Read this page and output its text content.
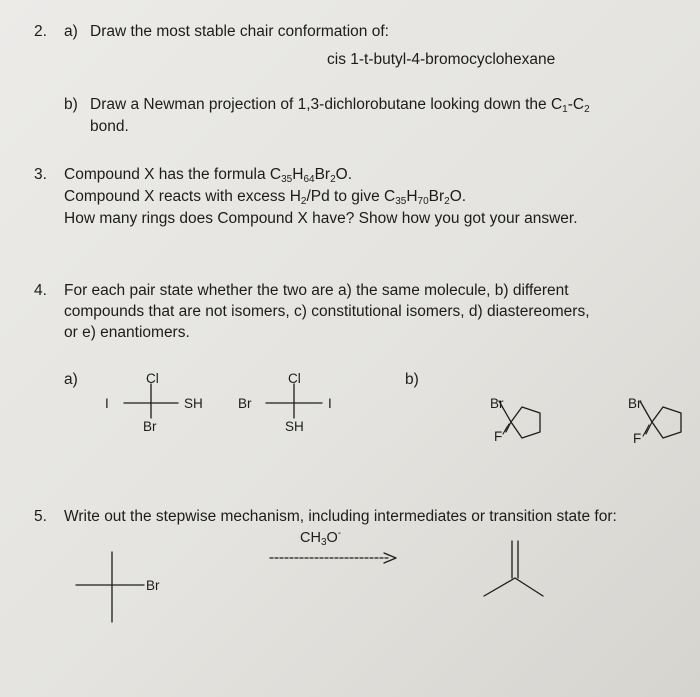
2. a) Draw the most stable chair conformation of:
cis 1-t-butyl-4-bromocyclohexane
b) Draw a Newman projection of 1,3-dichlorobutane looking down the $C_1-C_2$
bond.
3. Compound X has the formula $C_{35}H_{64}Br_2O$.
Compound X reacts with excess $H_2/Pd$ to give $C_{35}H_{70}Br_2O$.
How many rings does Compound X have? Show how you got your answer.
4. For each pair state whether the two are a) the same molecule, b) different
compounds that are not isomers, c) constitutional isomers, d) diastereomers,
or e) enantiomers.
a)	b)
5. Write out the stepwise mechanism, including intermediates or transition state for:
$CH_3O^-$
Cl
I	SH
Br
Cl
Br	I
SH
Br
F
Br
F
Br
